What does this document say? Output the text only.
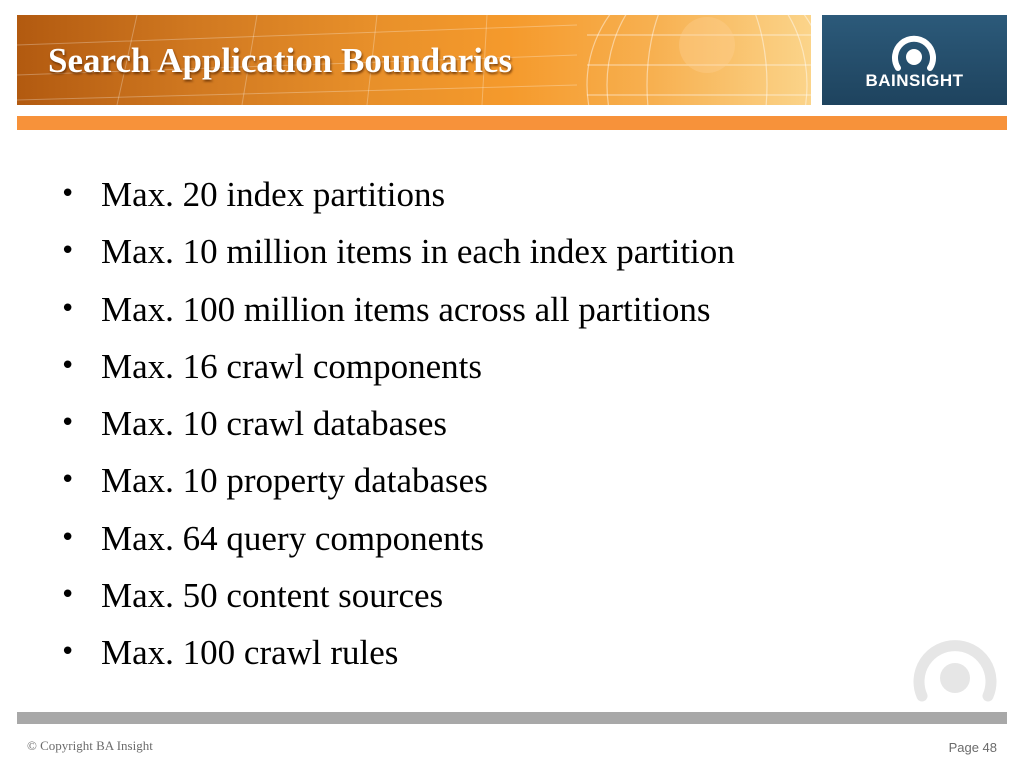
Search Application Boundaries
BAINSIGHT
• Max. 20 index partitions
• Max. 10 million items in each index partition
• Max. 100 million items across all partitions
• Max. 16 crawl components
• Max. 10 crawl databases
• Max. 10 property databases
• Max. 64 query components
• Max. 50 content sources
• Max. 100 crawl rules
© Copyright BA Insight	Page 48
